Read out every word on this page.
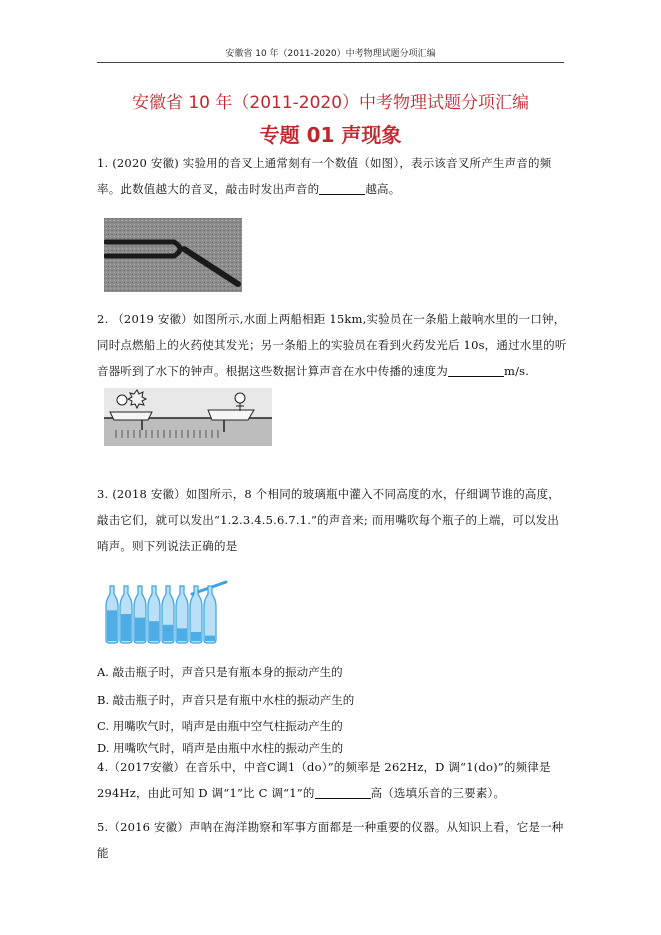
安徽省 10 年（2011-2020）中考物理试题分项汇编
安徽省 10 年（2011-2020）中考物理试题分项汇编
专题 01 声现象
1. (2020 安徽) 实验用的音叉上通常刻有一个数值（如图），表示该音叉所产生声音的频率。此数值越大的音叉，敲击时发出声音的	越高。
2. （2019 安徽）如图所示,水面上两船相距 15km,实验员在一条船上敲响水里的一口钟，同时点燃船上的火药使其发光；另一条船上的实验员在看到火药发光后 10s，通过水里的听音器听到了水下的钟声。根据这些数据计算声音在水中传播的速度为	m/s.
3. (2018 安徽）如图所示，8 个相同的玻璃瓶中灌入不同高度的水，仔细调节谁的高度，敲击它们，就可以发出“1.2.3.4.5.6.7.1.”的声音来; 而用嘴吹每个瓶子的上端，可以发出哨声。则下列说法正确的是
A. 敲击瓶子时，声音只是有瓶本身的振动产生的
B. 敲击瓶子时，声音只是有瓶中水柱的振动产生的
C. 用嘴吹气时，哨声是由瓶中空气柱振动产生的
D. 用嘴吹气时，哨声是由瓶中水柱的振动产生的
4.（2017安徽）在音乐中，中音C调1（do）”的频率是 262Hz，D 调“1(do)”的频律是 294Hz，由此可知 D 调“1”比 C 调“1”的	高（选填乐音的三要素）。
5.（2016 安徽）声呐在海洋勘察和军事方面都是一种重要的仪器。从知识上看，它是一种能
